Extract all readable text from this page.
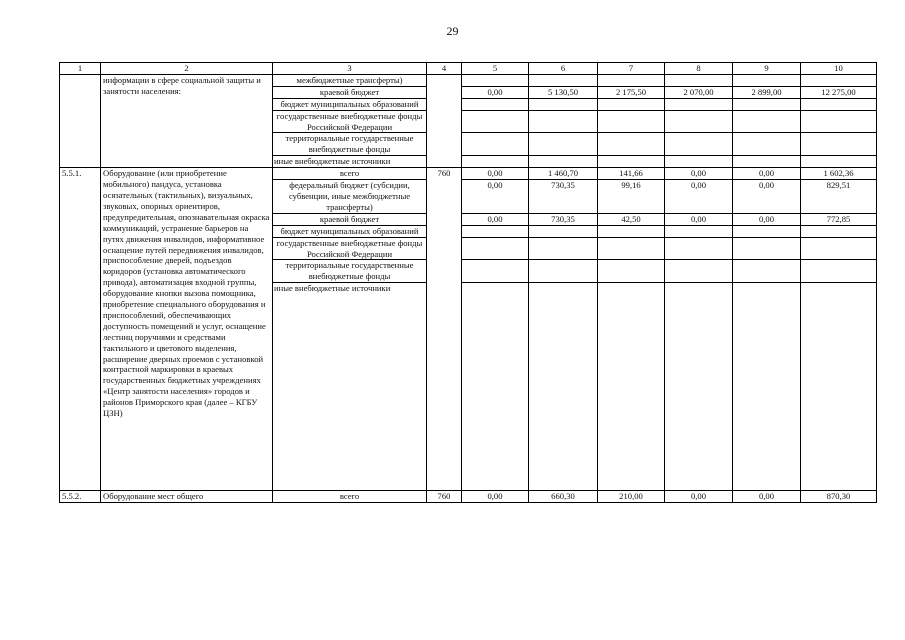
29
1	2	3	4	5	6	7	8	9	10
	информации в сфере социальной защиты и занятости населения:	межбюджетные трансферты)							
		краевой бюджет		0,00	5 130,50	2 175,50	2 070,00	2 899,00	12 275,00
		бюджет муниципальных образований							
		государственные внебюджетные фонды Российской Федерации							
		территориальные государственные внебюджетные фонды							
		иные внебюджетные источники							
5.5.1.	Оборудование (или приобретение мобильного) пандуса, установка осязательных (тактильных), визуальных, звуковых, опорных ориентиров, предупредительная, опознавательная окраска коммуникаций, устранение барьеров на путях движения инвалидов, информативное оснащение путей передвижения инвалидов, приспособление дверей, подъездов коридоров (установка автоматического привода), автоматизация входной группы, оборудование кнопки вызова помощника, приобретение специального оборудования и приспособлений, обеспечивающих доступность помещений и услуг, оснащение лестниц поручнями и средствами тактильного и цветового выделения, расширение дверных проемов с установкой контрастной маркировки в краевых государственных бюджетных учреждениях «Центр занятости населения» городов и районов Приморского края (далее – КГБУ ЦЗН)	всего	760	0,00	1 460,70	141,66	0,00	0,00	1 602,36
		федеральный бюджет (субсидии, субвенции, иные межбюджетные трансферты)		0,00	730,35	99,16	0,00	0,00	829,51
		краевой бюджет		0,00	730,35	42,50	0,00	0,00	772,85
		бюджет муниципальных образований							
		государственные внебюджетные фонды Российской Федерации							
		территориальные государственные внебюджетные фонды							
		иные внебюджетные источники							
5.5.2.	Оборудование мест общего	всего	760	0,00	660,30	210,00	0,00	0,00	870,30
